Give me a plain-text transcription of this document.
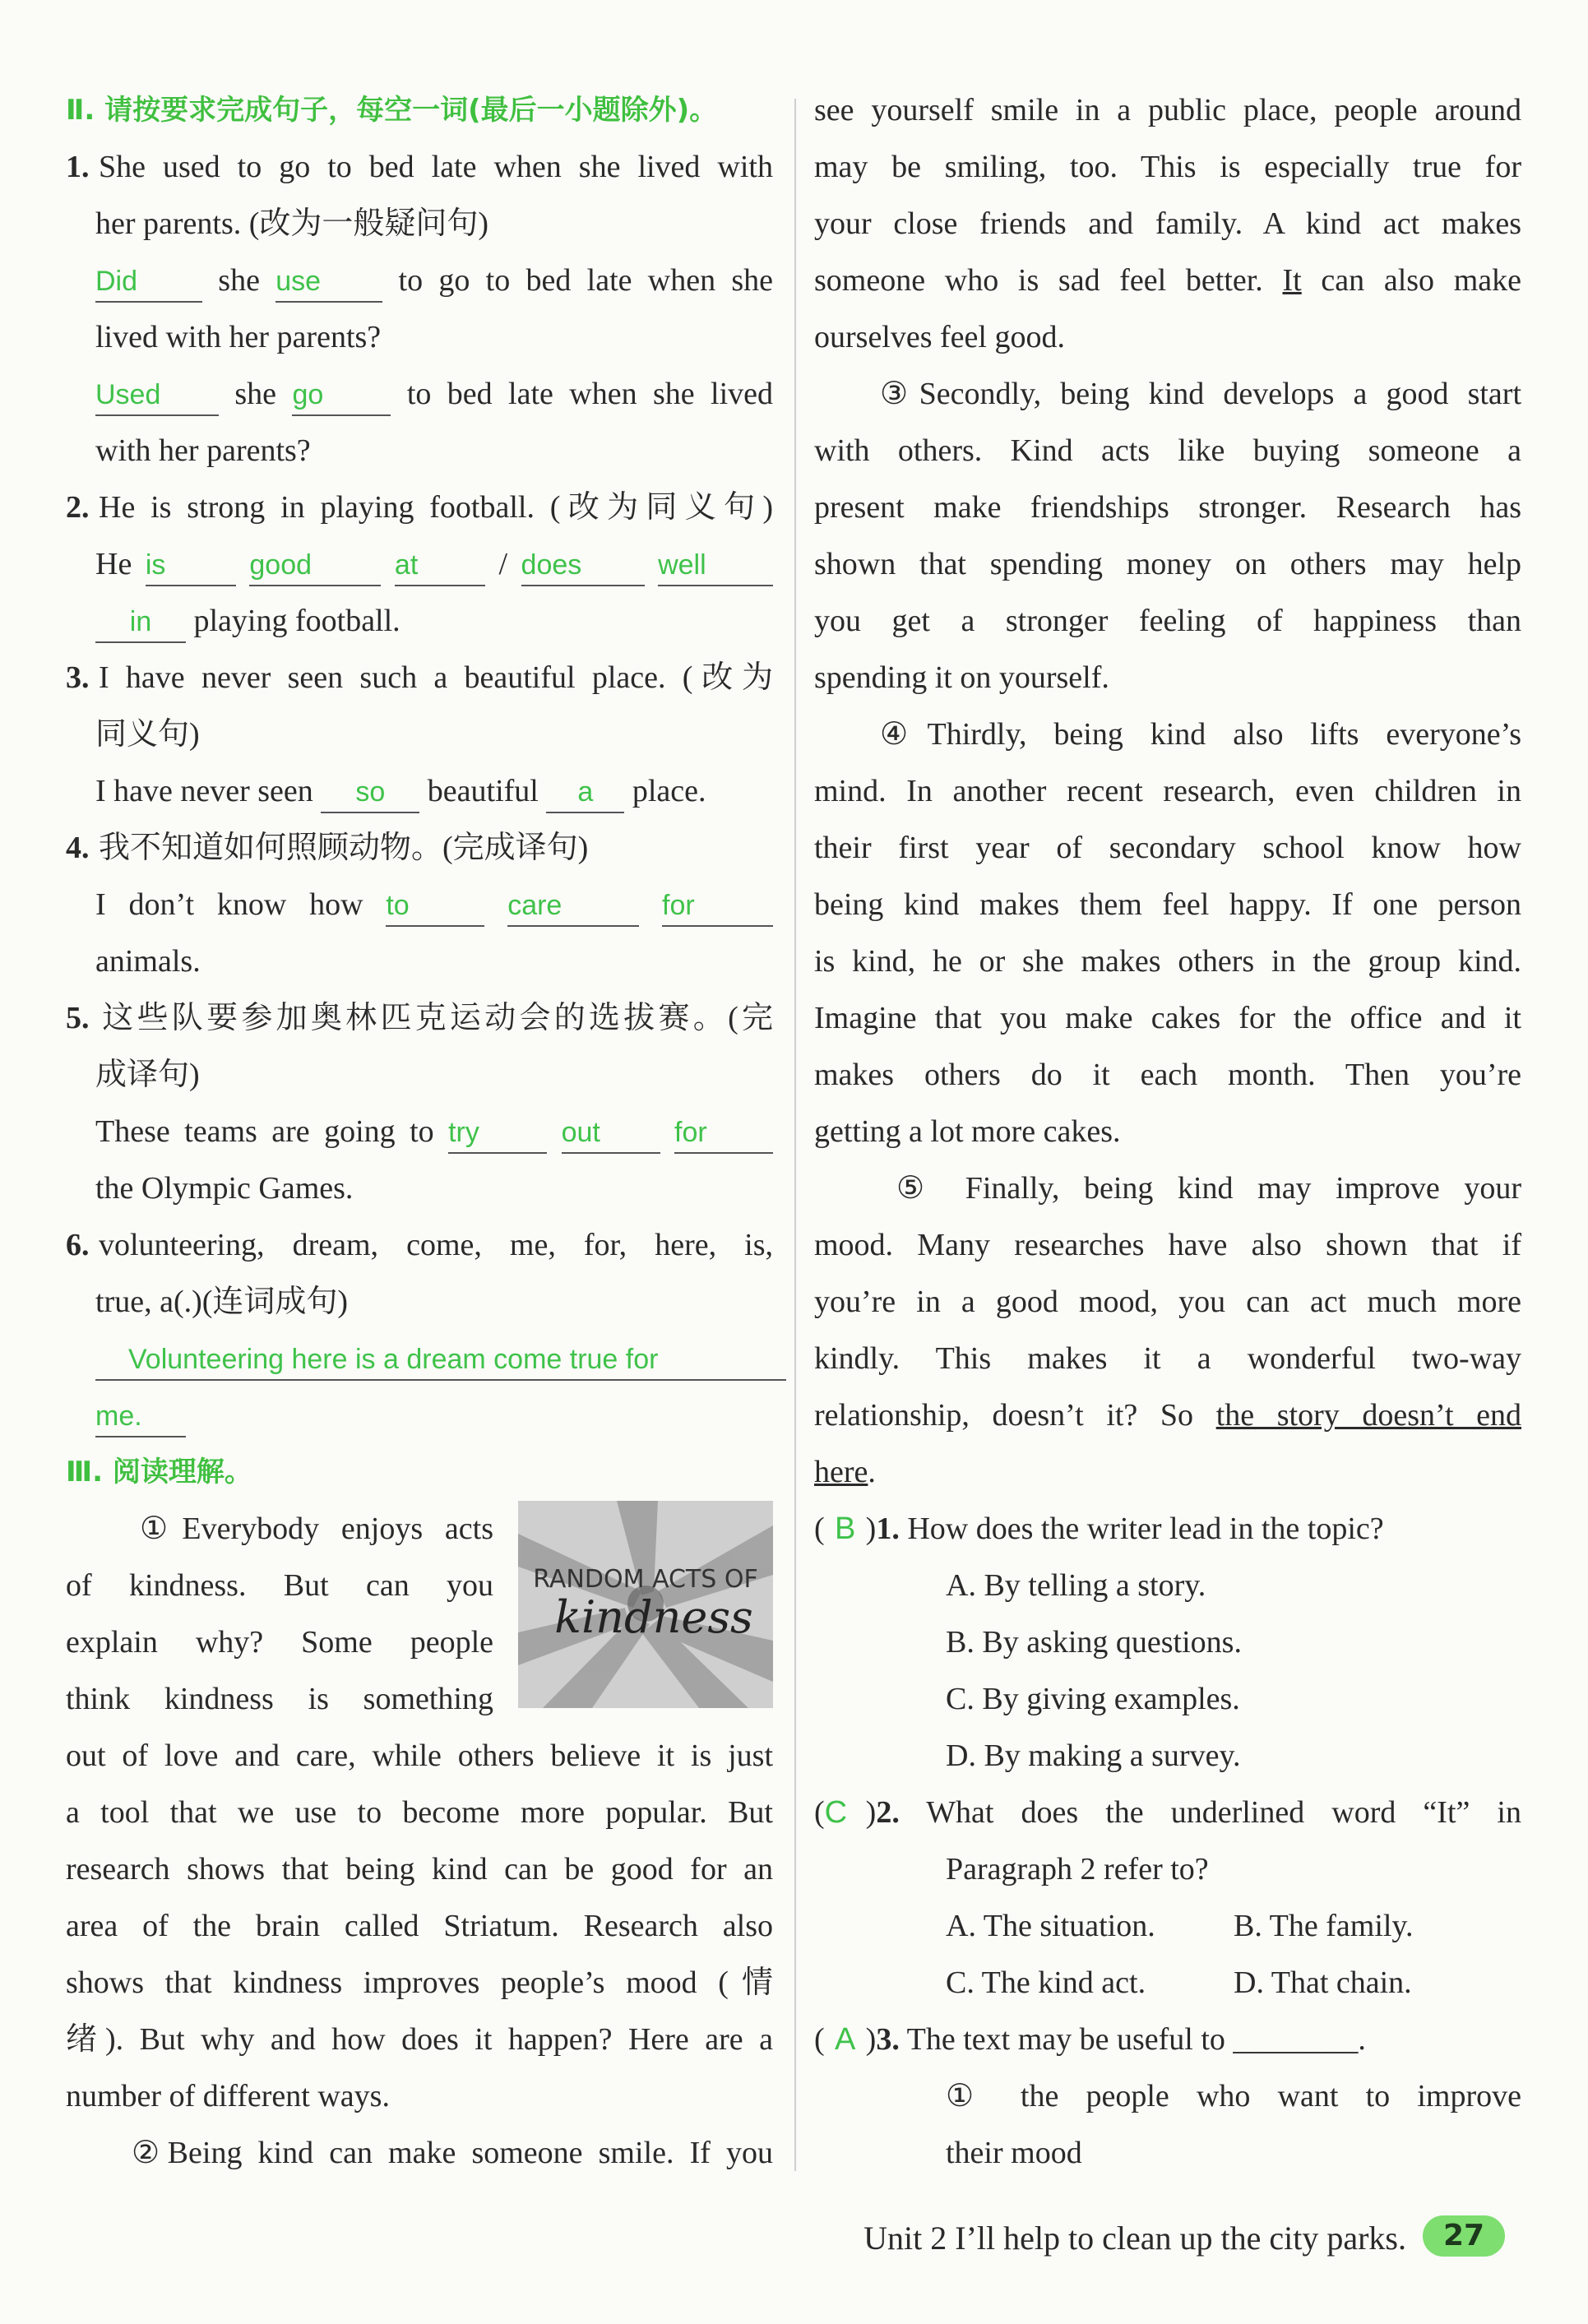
Ⅱ. 请按要求完成句子，每空一词(最后一小题除外)。
1. She used to go to bed late when she lived with
her parents. (改为一般疑问句)
Did	she use to go to bed late when she
lived with her parents?
Used she go	to bed late when she lived
with her parents?
2. He is strong in playing football. (改为同义句)
He is	good	at	/ does	well
in playing football.
3. I have never seen such a beautiful place. (改为
同义句)
I have never seen so beautiful a place.
4. 我不知道如何照顾动物。(完成译句)
I don’t know how to	care	for
animals.
5. 这些队要参加奥林匹克运动会的选拔赛。(完
成译句)
These teams are going to try	out	for
the Olympic Games.
6. volunteering, dream, come, me, for, here, is,
true, a(.)(连词成句)
Volunteering here is a dream come true for
me.
Ⅲ. 阅读理解。
①Everybody enjoys acts
of kindness. But can you
explain why? Some people
think kindness is something
RANDOM ACTS OF
kindness
out of love and care, while others believe it is just
a tool that we use to become more popular. But
research shows that being kind can be good for an
area of the brain called Striatum. Research also
shows that kindness improves people’s mood (情
绪). But why and how does it happen? Here are a
number of different ways.
②Being kind can make someone smile. If you
see yourself smile in a public place, people around
may be smiling, too. This is especially true for
your close friends and family. A kind act makes
someone who is sad feel better. It can also make
ourselves feel good.
③Secondly, being kind develops a good start
with others. Kind acts like buying someone a
present make friendships stronger. Research has
shown that spending money on others may help
you get a stronger feeling of happiness than
spending it on yourself.
④Thirdly, being kind also lifts everyone’s
mind. In another recent research, even children in
their first year of secondary school know how
being kind makes them feel happy. If one person
is kind, he or she makes others in the group kind.
Imagine that you make cakes for the office and it
makes others do it each month. Then you’re
getting a lot more cakes.
⑤ Finally, being kind may improve your
mood. Many researches have also shown that if
you’re in a good mood, you can act much more
kindly. This makes it a wonderful two-way
relationship, doesn’t it? So the story doesn’t end
here.
( B )1. How does the writer lead in the topic?
A. By telling a story.
B. By asking questions.
C. By giving examples.
D. By making a survey.
(C )2. What does the underlined word “It” in
Paragraph 2 refer to?
A. The situation.	B. The family.
C. The kind act.	D. That chain.
( A )3. The text may be useful to ________.
① the people who want to improve
their mood
Unit 2 I’ll help to clean up the city parks.	27
